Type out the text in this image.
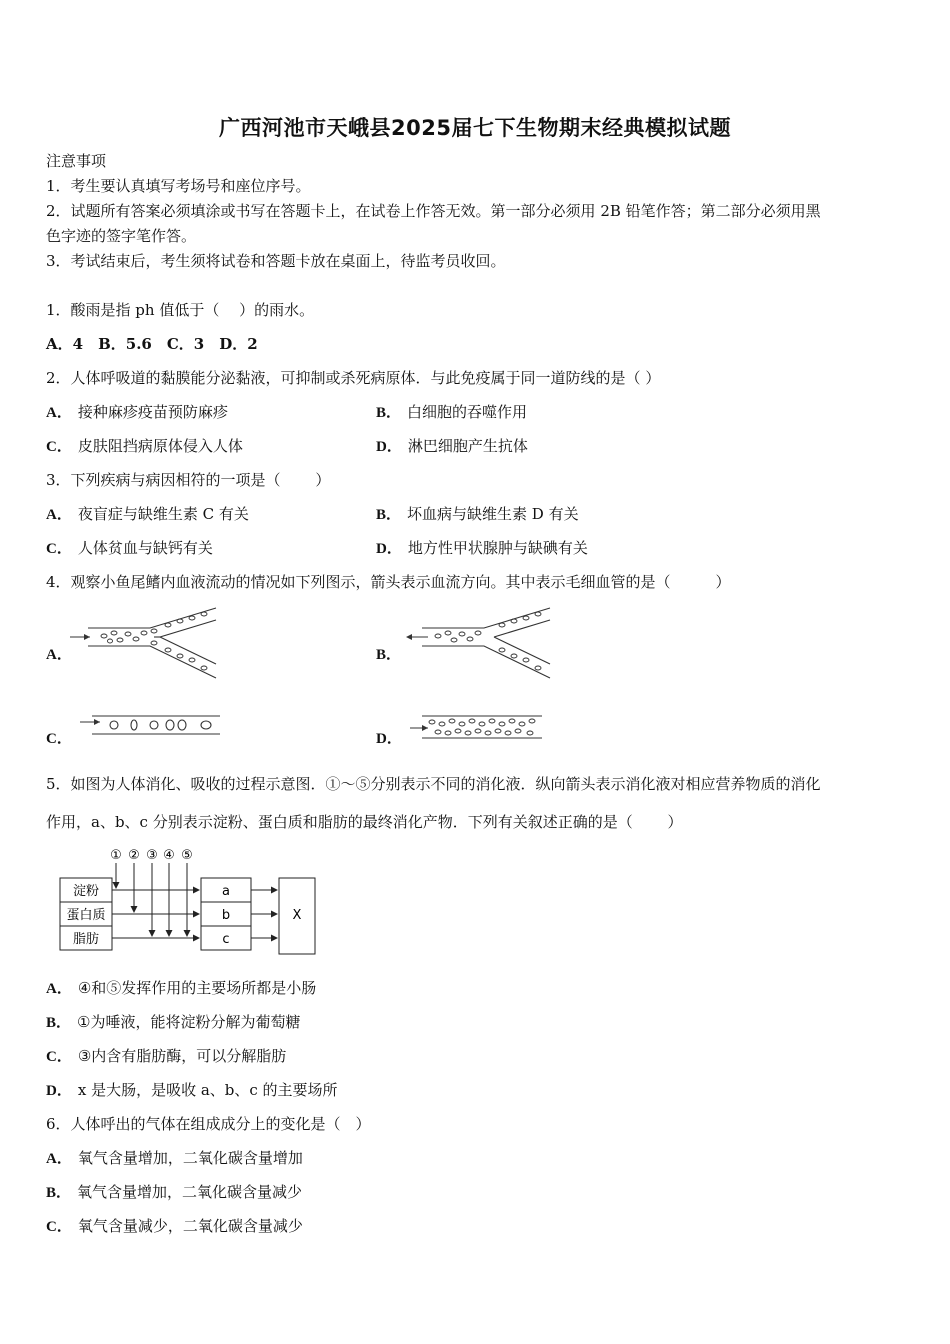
广西河池市天峨县2025届七下生物期末经典模拟试题
注意事项
1．考生要认真填写考场号和座位序号。
2．试题所有答案必须填涂或书写在答题卡上，在试卷上作答无效。第一部分必须用 2B 铅笔作答；第二部分必须用黑
色字迹的签字笔作答。
3．考试结束后，考生须将试卷和答题卡放在桌面上，待监考员收回。
1．酸雨是指 ph 值低于（　 ）的雨水。
A．4　B．5.6　C．3　D．2
2．人体呼吸道的黏膜能分泌黏液，可抑制或杀死病原体．与此免疫属于同一道防线的是（ ）
A． 接种麻疹疫苗预防麻疹	B． 白细胞的吞噬作用
C． 皮肤阻挡病原体侵入人体	D． 淋巴细胞产生抗体
3．下列疾病与病因相符的一项是（　　 ）
A． 夜盲症与缺维生素 C 有关	B． 坏血病与缺维生素 D 有关
C． 人体贫血与缺钙有关	D． 地方性甲状腺肿与缺碘有关
4．观察小鱼尾鳍内血液流动的情况如下列图示，箭头表示血流方向。其中表示毛细血管的是（　　　）
A．	B．
C．	D．
5．如图为人体消化、吸收的过程示意图．①～⑤分别表示不同的消化液．纵向箭头表示消化液对相应营养物质的消化
作用，a、b、c 分别表示淀粉、蛋白质和脂肪的最终消化产物．下列有关叙述正确的是（　　 ）
① ② ③ ④ ⑤
淀粉
蛋白质
脂肪
a
b
c
X
A． ④和⑤发挥作用的主要场所都是小肠
B． ①为唾液，能将淀粉分解为葡萄糖
C． ③内含有脂肪酶，可以分解脂肪
D． x 是大肠，是吸收 a、b、c 的主要场所
6．人体呼出的气体在组成成分上的变化是（　）
A． 氧气含量增加，二氧化碳含量增加
B． 氧气含量增加，二氧化碳含量减少
C． 氧气含量减少，二氧化碳含量减少
